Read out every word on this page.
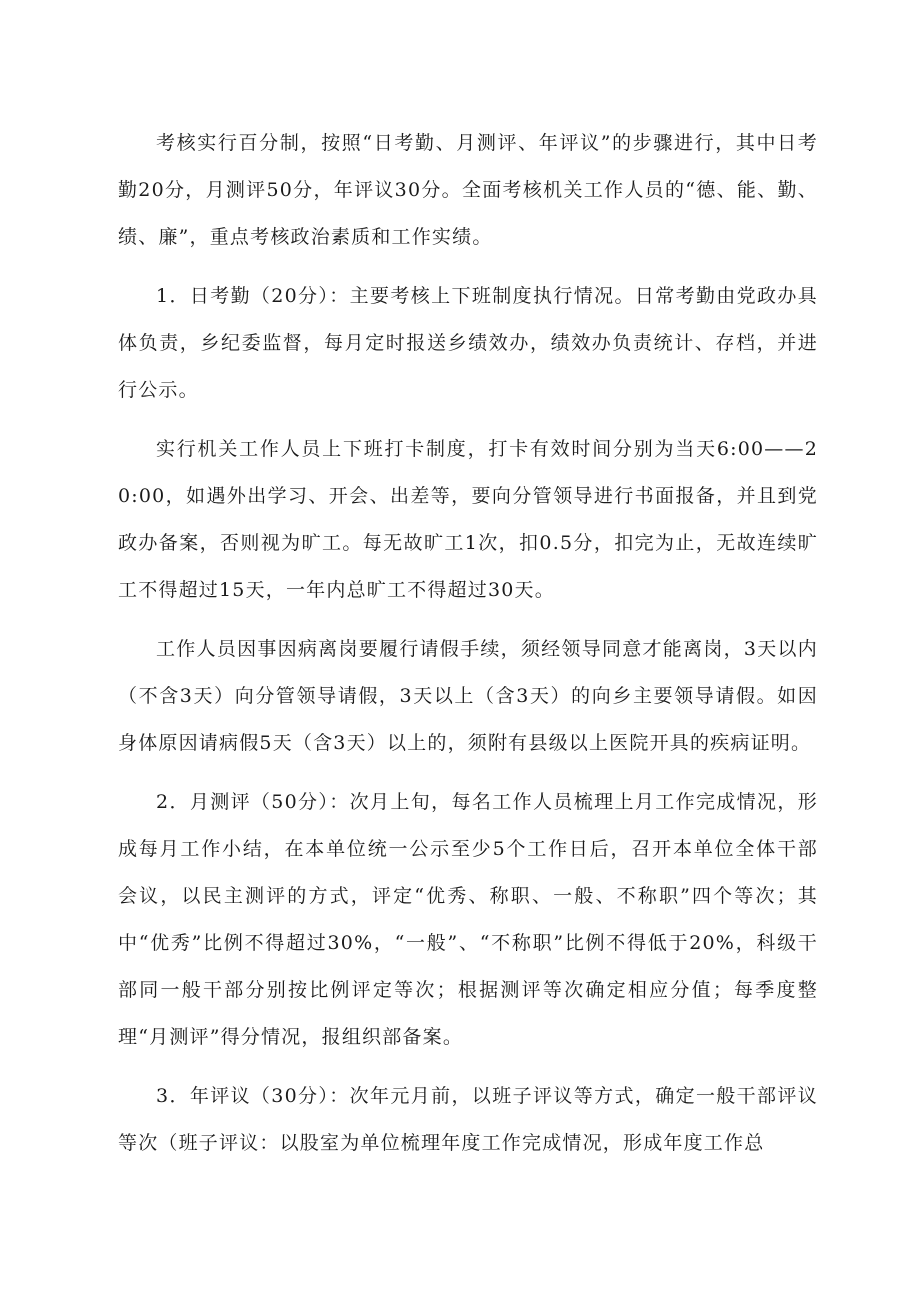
考核实行百分制，按照“日考勤、月测评、年评议”的步骤进行，其中日考勤20分，月测评50分，年评议30分。全面考核机关工作人员的“德、能、勤、绩、廉”，重点考核政治素质和工作实绩。

1．日考勤（20分）：主要考核上下班制度执行情况。日常考勤由党政办具体负责，乡纪委监督，每月定时报送乡绩效办，绩效办负责统计、存档，并进行公示。

实行机关工作人员上下班打卡制度，打卡有效时间分别为当天6:00——20:00，如遇外出学习、开会、出差等，要向分管领导进行书面报备，并且到党政办备案，否则视为旷工。每无故旷工1次，扣0.5分，扣完为止，无故连续旷工不得超过15天，一年内总旷工不得超过30天。

工作人员因事因病离岗要履行请假手续，须经领导同意才能离岗，3天以内（不含3天）向分管领导请假，3天以上（含3天）的向乡主要领导请假。如因身体原因请病假5天（含3天）以上的，须附有县级以上医院开具的疾病证明。

2．月测评（50分）：次月上旬，每名工作人员梳理上月工作完成情况，形成每月工作小结，在本单位统一公示至少5个工作日后，召开本单位全体干部会议，以民主测评的方式，评定“优秀、称职、一般、不称职”四个等次；其中“优秀”比例不得超过30%，“一般”、“不称职”比例不得低于20%，科级干部同一般干部分别按比例评定等次；根据测评等次确定相应分值；每季度整理“月测评”得分情况，报组织部备案。

3．年评议（30分）：次年元月前，以班子评议等方式，确定一般干部评议等次（班子评议：以股室为单位梳理年度工作完成情况，形成年度工作总
